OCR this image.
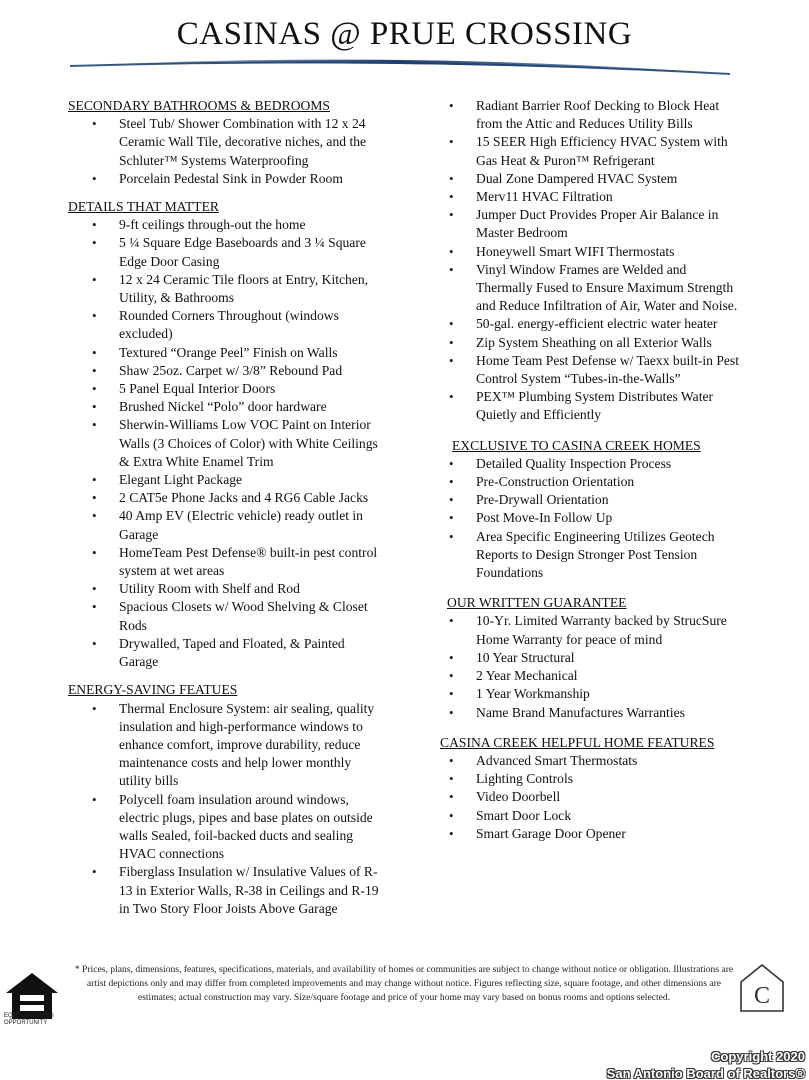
CASINAS @ PRUE CROSSING
SECONDARY BATHROOMS & BEDROOMS
• Steel Tub/ Shower Combination with 12 x 24 Ceramic Wall Tile, decorative niches, and the Schluter™ Systems Waterproofing
• Porcelain Pedestal Sink in Powder Room
DETAILS THAT MATTER
• 9-ft ceilings through-out the home
• 5 ¼ Square Edge Baseboards and 3 ¼ Square Edge Door Casing
• 12 x 24 Ceramic Tile floors at Entry, Kitchen, Utility, & Bathrooms
• Rounded Corners Throughout (windows excluded)
• Textured “Orange Peel” Finish on Walls
• Shaw 25oz. Carpet w/ 3/8” Rebound Pad
• 5 Panel Equal Interior Doors
• Brushed Nickel “Polo” door hardware
• Sherwin-Williams Low VOC Paint on Interior Walls (3 Choices of Color) with White Ceilings & Extra White Enamel Trim
• Elegant Light Package
• 2 CAT5e Phone Jacks and 4 RG6 Cable Jacks
• 40 Amp EV (Electric vehicle) ready outlet in Garage
• HomeTeam Pest Defense® built-in pest control system at wet areas
• Utility Room with Shelf and Rod
• Spacious Closets w/ Wood Shelving & Closet Rods
• Drywalled, Taped and Floated, & Painted Garage
ENERGY-SAVING FEATUES
• Thermal Enclosure System: air sealing, quality insulation and high-performance windows to enhance comfort, improve durability, reduce maintenance costs and help lower monthly utility bills
• Polycell foam insulation around windows, electric plugs, pipes and base plates on outside walls Sealed, foil-backed ducts and sealing HVAC connections
• Fiberglass Insulation w/ Insulative Values of R-13 in Exterior Walls, R-38 in Ceilings and R-19 in Two Story Floor Joists Above Garage
• Radiant Barrier Roof Decking to Block Heat from the Attic and Reduces Utility Bills
• 15 SEER High Efficiency HVAC System with Gas Heat & Puron™ Refrigerant
• Dual Zone Dampered HVAC System
• Merv11 HVAC Filtration
• Jumper Duct Provides Proper Air Balance in Master Bedroom
• Honeywell Smart WIFI Thermostats
• Vinyl Window Frames are Welded and Thermally Fused to Ensure Maximum Strength and Reduce Infiltration of Air, Water and Noise.
• 50-gal. energy-efficient electric water heater
• Zip System Sheathing on all Exterior Walls
• Home Team Pest Defense w/ Taexx built-in Pest Control System “Tubes-in-the-Walls”
• PEX™ Plumbing System Distributes Water Quietly and Efficiently
EXCLUSIVE TO CASINA CREEK HOMES
• Detailed Quality Inspection Process
• Pre-Construction Orientation
• Pre-Drywall Orientation
• Post Move-In Follow Up
• Area Specific Engineering Utilizes Geotech Reports to Design Stronger Post Tension Foundations
OUR WRITTEN GUARANTEE
• 10-Yr. Limited Warranty backed by StrucSure Home Warranty for peace of mind
• 10 Year Structural
• 2 Year Mechanical
• 1 Year Workmanship
• Name Brand Manufactures Warranties
CASINA CREEK HELPFUL HOME FEATURES
• Advanced Smart Thermostats
• Lighting Controls
• Video Doorbell
• Smart Door Lock
• Smart Garage Door Opener
EQUAL HOUSING OPPORTUNITY
* Prices, plans, dimensions, features, specifications, materials, and availability of homes or communities are subject to change without notice or obligation. Illustrations are artist depictions only and may differ from completed improvements and may change without notice. Figures reflecting size, square footage, and other dimensions are estimates; actual construction may vary. Size/square footage and price of your home may vary based on bonus rooms and options selected.	C
Copyright 2020
San Antonio Board of Realtors®
